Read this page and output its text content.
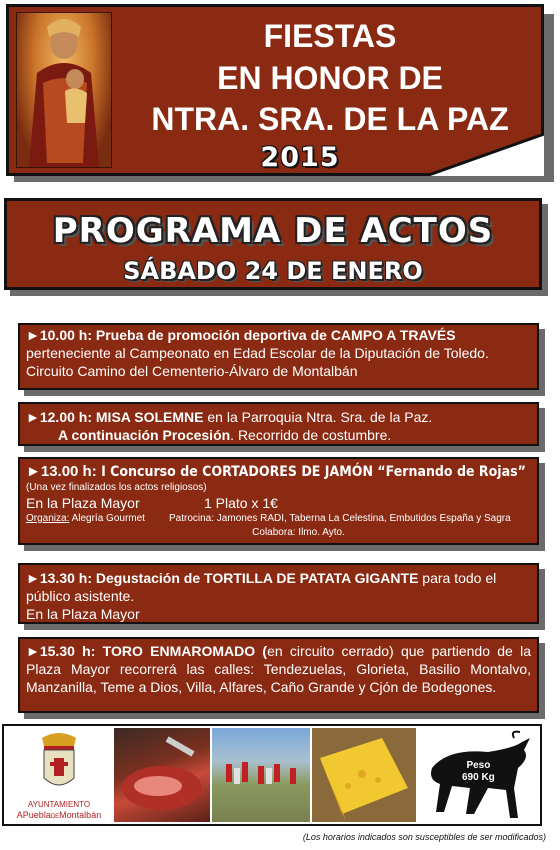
FIESTAS
EN HONOR DE
NTRA. SRA. DE LA PAZ
2015
PROGRAMA DE ACTOS
SÁBADO 24 DE ENERO
►10.00 h: Prueba de promoción deportiva de CAMPO A TRAVÉS
perteneciente al Campeonato en Edad Escolar de la Diputación de Toledo.
Circuito Camino del Cementerio-Álvaro de Montalbán
►12.00 h: MISA SOLEMNE en la Parroquia Ntra. Sra. de la Paz.
A continuación Procesión. Recorrido de costumbre.
►13.00 h: I Concurso de CORTADORES DE JAMÓN “Fernando de Rojas”
(Una vez finalizados los actos religiosos)
En la Plaza Mayor	1 Plato x 1€
Organiza: Alegría Gourmet Patrocina: Jamones RADI, Taberna La Celestina, Embutidos España y Sagra
Colabora: Ilmo. Ayto.
►13.30 h: Degustación de TORTILLA DE PATATA GIGANTE para todo el público asistente.
En la Plaza Mayor
►15.30 h: TORO ENMAROMADO (en circuito cerrado) que partiendo de la Plaza Mayor recorrerá las calles: Tendezuelas, Glorieta, Basilio Montalvo, Manzanilla, Teme a Dios, Villa, Alfares, Caño Grande y Cjón de Bodegones.
AYUNTAMIENTO
APueblaDEMontalbán
Peso
690 Kg
(Los horarios indicados son susceptibles de ser modificados)
